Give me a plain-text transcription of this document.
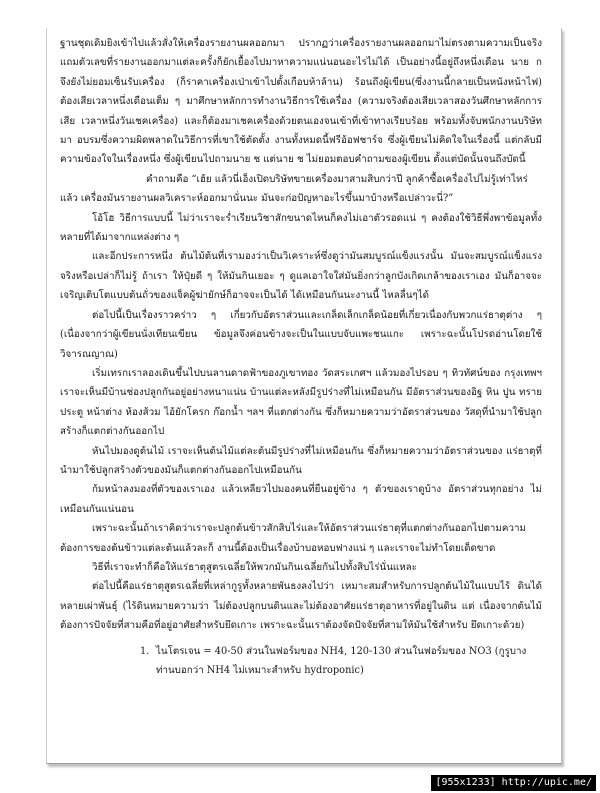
ฐานชุดเดิมยิงเข้าไปแล้วสั่งให้เครื่องรายงานผลออกมา ปรากฏว่าเครื่องรายงานผลออกมาไม่ตรงตามความเป็นจริง แถมตัวเลขที่รายงานออกมาแต่ละครั้งก็ยักเยื้องไปมาหาความแน่นอนอะไรไม่ได้ เป็นอย่างนี้อยู่ถึงหนึ่งเดือน นาย ก จึงยังไม่ยอมเซ็นรับเครื่อง (ก็ราคาเครื่องเป่าเข้าไปตั้งเกือบห้าล้าน) ร้อนถึงผู้เขียน(ซึ่งงานนี้กลายเป็นหนังหน้าไฟ) ต้องเสียเวลาหนึ่งเดือนเต็ม ๆ มาศึกษาหลักการทำงานวิธีการใช้เครื่อง (ความจริงต้องเสียเวลาสองวันศึกษาหลักการเสีย เวลาหนึ่งวันเชคเครื่อง) และก็ต้องมาเชคเครื่องด้วยตนเองจนเข้าที่เข้าทางเรียบร้อย พร้อมทั้งจับพนักงานบริษัทมา อบรมซึ่งความผิดพลาดในวิธีการที่เขาใช้ตัดตั้ง งานทั้งหมดนี้ฟรีอ้อฟชาร์จ ซึ่งผู้เขียนไม่คิดใจในเรื่องนี้ แต่กลับมี ความข้องใจในเรื่องหนึ่ง ซึ่งผู้เขียนไปถามนาย ช แต่นาย ช ไม่ยอมตอบคำถามของผู้เขียน ตั้งแต่บัดนั้นจนถึงบัดนี้

คำถามคือ “เฮ้ย แล้วนี่เอ็งเปิดบริษัทขายเครื่องมาสามสิบกว่าปี ลูกค้าซื้อเครื่องไปไม่รู้เท่าไหร่ แล้ว เครื่องมันรายงานผลวิเคราะห์ออกมานั่นนะ มันจะก่อปัญหาอะไรขึ้นมาบ้างหรือเปล่าวะนี่?”

โอ้โฮ วิธีการแบบนี้ ไม่ว่าเราจะร่ำเรียนวิชาสักขนาดไหนก็คงไม่เอาตัวรอดแน่ ๆ คงต้องใช้วิธีพึ่งพาข้อมูลทั้ง หลายที่ได้มาจากแหล่งต่าง ๆ

และอีกประการหนึ่ง ต้นไม้ต้นที่เรามองว่าเป็นวิเคราะห์ซึ่งดูว่ามันสมบูรณ์แข็งแรงนั้น มันจะสมบูรณ์แข็งแรง จริงหรือเปล่าก็ไม่รู้ ถ้าเรา ให้ปุ๋ยดี ๆ ให้มันกินเยอะ ๆ ดูแลเอาใจใส่มันยิ่งกว่าลูกบังเกิดเกล้าของเราเอง มันก็อาจจะ เจริญเติบโตแบบต้นถั่วของแจ็คผู้ฆ่ายักษ์ก็อาจจะเป็นได้ ได้เหมือนกันนะงานนี้ ไหลลื่นๆได้

ต่อไปนี้เป็นเรื่องราวคร่าว ๆ เกี่ยวกับอัตราส่วนและเกล็ดเล็กเกล็ดน้อยที่เกี่ยวเนื่องกับพวกแร่ธาตุต่าง ๆ (เนื่องจากว่าผู้เขียนนั่งเทียนเขียน ข้อมูลจึงค่อนข้างจะเป็นในแบบจับแพะชนแกะ เพราะฉะนั้นโปรดอ่านโดยใช้ วิจารณญาณ)

เริ่มเทรกเราลองเดินขึ้นไปบนลานดาดฟ้าของภูเขาทอง วัดสระเกศฯ แล้วมองไปรอบ ๆ ทิวทัศน์ของ กรุงเทพฯ เราจะเห็นมีบ้านช่องปลูกกันอยู่อย่างหนาแน่น บ้านแต่ละหลังมีรูปร่างที่ไม่เหมือนกัน มีอัตราส่วนของอิฐ หิน ปูน ทราย ประตู หน้าต่าง ห้องส้วม ไอ้ยักโครก ก๊อกน้ำ ฯลฯ ที่แตกต่างกัน ซึ่งก็หมายความว่าอัตราส่วนของ วัสดุที่นำมาใช้ปลูกสร้างก็แตกต่างกันออกไป

หันไปมองดูต้นไม้ เราจะเห็นต้นไม้แต่ละต้นมีรูปร่างที่ไม่เหมือนกัน ซึ่งก็หมายความว่าอัตราส่วนของ แร่ธาตุที่นำมาใช้ปลูกสร้างตัวของมันก็แตกต่างกันออกไปเหมือนกัน

ก้มหน้าลงมองที่ตัวของเราเอง แล้วเหลียวไปมองคนที่ยืนอยู่ข้าง ๆ ตัวของเราดูบ้าง อัตราส่วนทุกอย่าง ไม่เหมือนกันแน่นอน

เพราะฉะนั้นถ้าเราคิดว่าเราจะปลูกต้นข้าวสักสิบไร่และให้อัตราส่วนแร่ธาตุที่แตกต่างกันออกไปตามความ ต้องการของต้นข้าวแต่ละต้นแล้วละก็ งานนี้ต้องเป็นเรื่องบ้าบอหอบฟางแน่ ๆ และเราจะไม่ทำโดยเด็ดขาด

วิธีที่เราจะทำก็คือให้แร่ธาตุสูตรเฉลี่ยให้พวกมันกินเฉลี่ยกันไปทั้งสิบไร่นั่นแหละ

ต่อไปนี้คือแร่ธาตุสูตรเฉลี่ยที่เหล่ากูรูทั้งหลายพันธงลงไปว่า เหมาะสมสำหรับการปลูกต้นไม้ในแบบไร้ ดินได้หลายเผ่าพันธุ์ (ไร้ดินหมายความว่า ไม่ต้องปลูกบนดินและไม่ต้องอาศัยแร่ธาตุอาหารที่อยู่ในดิน แต่ เนื่องจากต้นไม้ต้องการปัจจัยที่สามคือที่อยู่อาศัยสำหรับยึดเกาะ เพราะฉะนั้นเราต้องจัดปัจจัยที่สามให้มันใช้สำหรับ ยึดเกาะด้วย)

1. ไนโตรเจน = 40-50 ส่วนในฟอร์มของ NH4, 120-130 ส่วนในฟอร์มของ NO3 (กูรูบาง ท่านบอกว่า NH4 ไม่เหมาะสำหรับ hydroponic)
[955x1233] http://upic.me/
